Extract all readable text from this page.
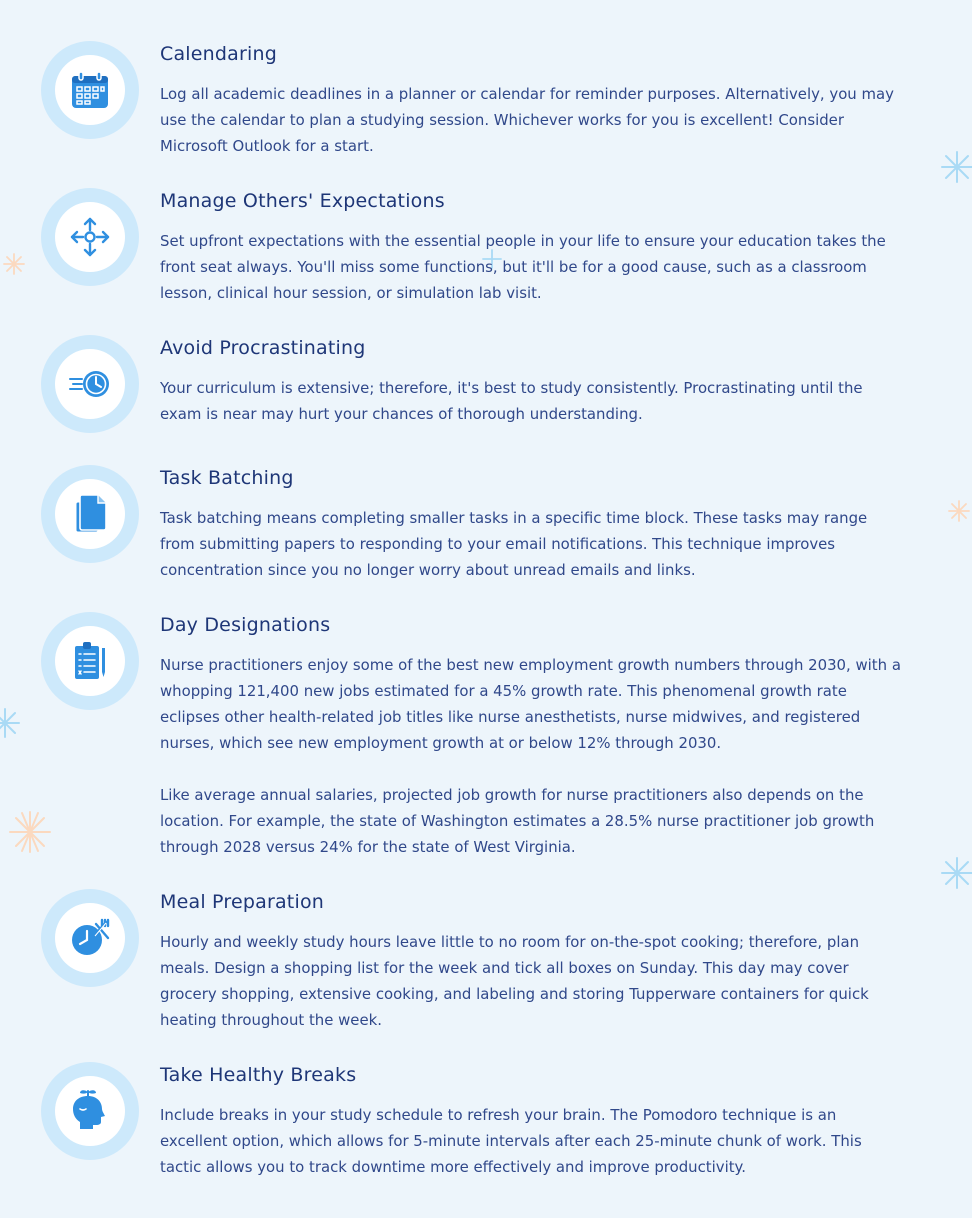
Calendaring

Log all academic deadlines in a planner or calendar for reminder purposes. Alternatively, you may use the calendar to plan a studying session. Whichever works for you is excellent! Consider Microsoft Outlook for a start.

Manage Others' Expectations

Set upfront expectations with the essential people in your life to ensure your education takes the front seat always. You'll miss some functions, but it'll be for a good cause, such as a classroom lesson, clinical hour session, or simulation lab visit.

Avoid Procrastinating

Your curriculum is extensive; therefore, it's best to study consistently. Procrastinating until the exam is near may hurt your chances of thorough understanding.

Task Batching

Task batching means completing smaller tasks in a specific time block. These tasks may range from submitting papers to responding to your email notifications. This technique improves concentration since you no longer worry about unread emails and links.

Day Designations

Nurse practitioners enjoy some of the best new employment growth numbers through 2030, with a whopping 121,400 new jobs estimated for a 45% growth rate. This phenomenal growth rate eclipses other health-related job titles like nurse anesthetists, nurse midwives, and registered nurses, which see new employment growth at or below 12% through 2030.

Like average annual salaries, projected job growth for nurse practitioners also depends on the location. For example, the state of Washington estimates a 28.5% nurse practitioner job growth through 2028 versus 24% for the state of West Virginia.

Meal Preparation

Hourly and weekly study hours leave little to no room for on-the-spot cooking; therefore, plan meals. Design a shopping list for the week and tick all boxes on Sunday. This day may cover grocery shopping, extensive cooking, and labeling and storing Tupperware containers for quick heating throughout the week.

Take Healthy Breaks

Include breaks in your study schedule to refresh your brain. The Pomodoro technique is an excellent option, which allows for 5-minute intervals after each 25-minute chunk of work. This tactic allows you to track downtime more effectively and improve productivity.
